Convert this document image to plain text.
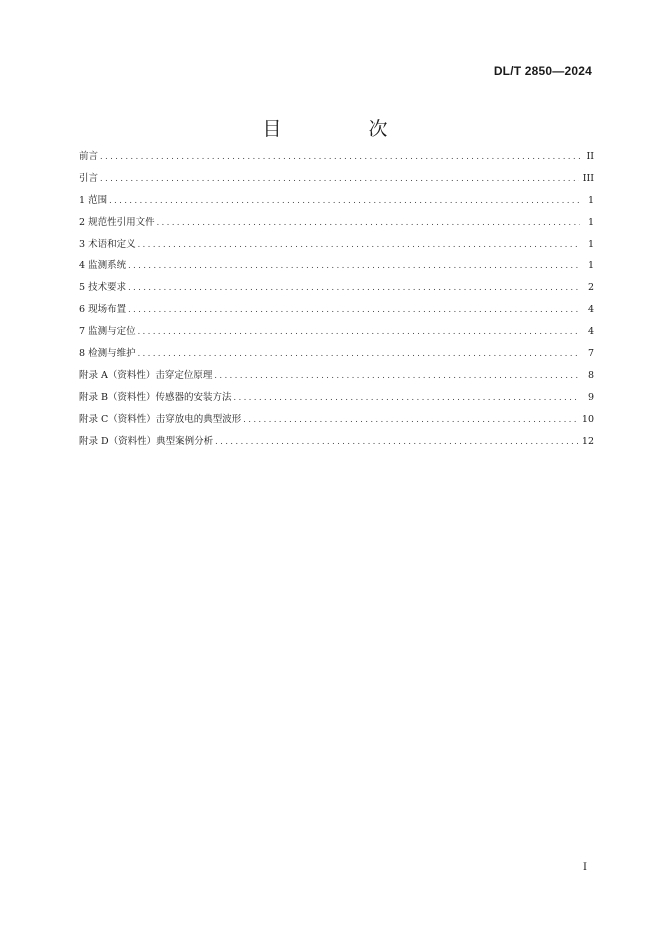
DL/T 2850—2024
目　次
前言 . . .	II
引言 . . .	III
1 范围 . . .	1
2 规范性引用文件 . . .	1
3 术语和定义 . . .	1
4 监测系统 . . .	1
5 技术要求 . . .	2
6 现场布置 . . .	4
7 监测与定位 . . .	4
8 检测与维护 . . .	7
附录 A（资料性）击穿定位原理 . . .	8
附录 B（资料性）传感器的安装方法 . . .	9
附录 C（资料性）击穿放电的典型波形 . . .	10
附录 D（资料性）典型案例分析 . . .	12
I
